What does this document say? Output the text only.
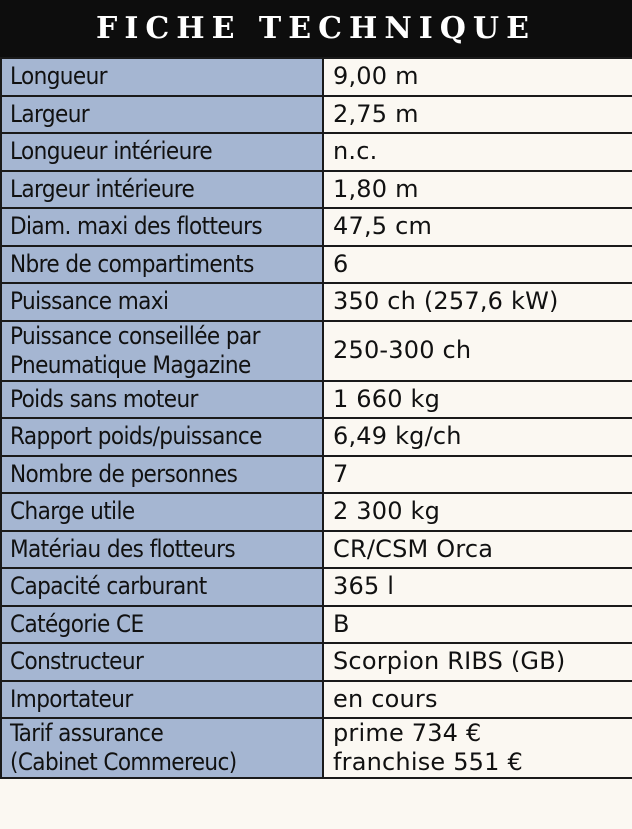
FICHE TECHNIQUE
Longueur	9,00 m

Largeur	2,75 m

Longueur intérieure	n.c.

Largeur intérieure	1,80 m

Diam. maxi des flotteurs	47,5 cm

Nbre de compartiments	6

Puissance maxi	350 ch (257,6 kW)

Puissance conseillée par
Pneumatique Magazine	250-300 ch

Poids sans moteur	1 660 kg

Rapport poids/puissance	6,49 kg/ch

Nombre de personnes	7

Charge utile	2 300 kg

Matériau des flotteurs	CR/CSM Orca

Capacité carburant	365 l

Catégorie CE	B

Constructeur	Scorpion RIBS (GB)

Importateur	en cours

Tarif assurance
(Cabinet Commereuc)	prime 734 €
franchise 551 €
